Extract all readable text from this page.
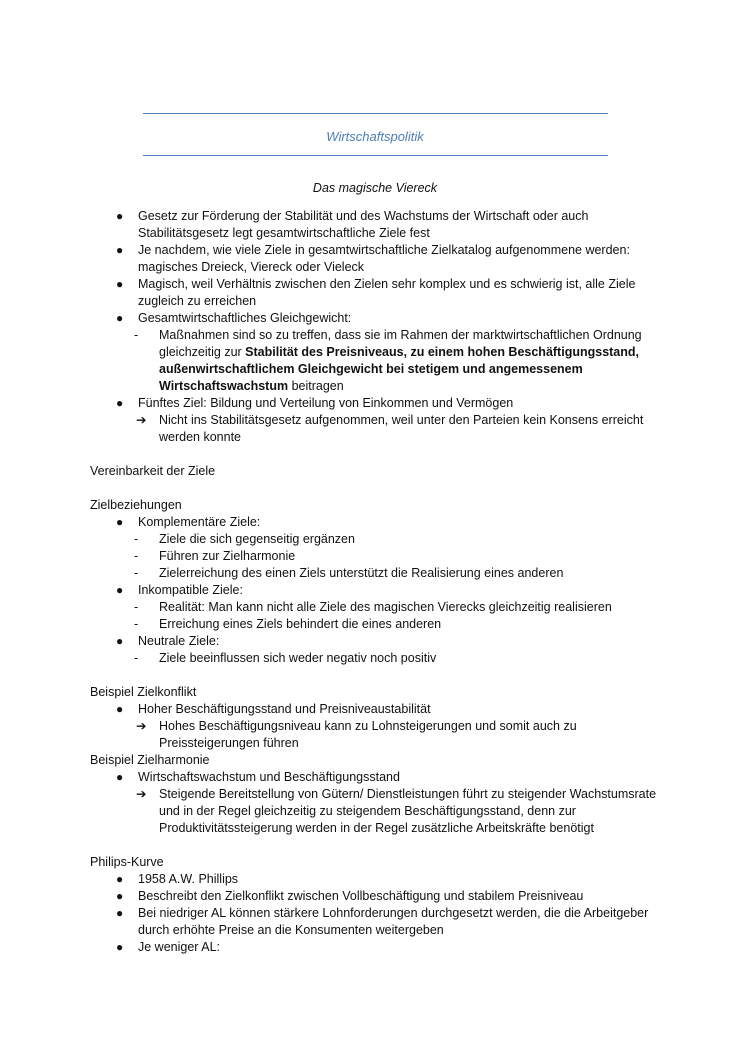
Wirtschaftspolitik
Das magische Viereck
● Gesetz zur Förderung der Stabilität und des Wachstums der Wirtschaft oder auch Stabilitätsgesetz legt gesamtwirtschaftliche Ziele fest
● Je nachdem, wie viele Ziele in gesamtwirtschaftliche Zielkatalog aufgenommene werden: magisches Dreieck, Viereck oder Vieleck
● Magisch, weil Verhältnis zwischen den Zielen sehr komplex und es schwierig ist, alle Ziele zugleich zu erreichen
● Gesamtwirtschaftliches Gleichgewicht:
- Maßnahmen sind so zu treffen, dass sie im Rahmen der marktwirtschaftlichen Ordnung gleichzeitig zur Stabilität des Preisniveaus, zu einem hohen Beschäftigungsstand, außenwirtschaftlichem Gleichgewicht bei stetigem und angemessenem Wirtschaftswachstum beitragen
● Fünftes Ziel: Bildung und Verteilung von Einkommen und Vermögen
➔ Nicht ins Stabilitätsgesetz aufgenommen, weil unter den Parteien kein Konsens erreicht werden konnte

Vereinbarkeit der Ziele

Zielbeziehungen

● Komplementäre Ziele:
- Ziele die sich gegenseitig ergänzen
- Führen zur Zielharmonie
- Zielerreichung des einen Ziels unterstützt die Realisierung eines anderen
● Inkompatible Ziele:
- Realität: Man kann nicht alle Ziele des magischen Vierecks gleichzeitig realisieren
- Erreichung eines Ziels behindert die eines anderen
● Neutrale Ziele:
- Ziele beeinflussen sich weder negativ noch positiv

Beispiel Zielkonflikt

● Hoher Beschäftigungsstand und Preisniveaustabilität
➔ Hohes Beschäftigungsniveau kann zu Lohnsteigerungen und somit auch zu Preissteigerungen führen

Beispiel Zielharmonie

● Wirtschaftswachstum und Beschäftigungsstand
➔ Steigende Bereitstellung von Gütern/ Dienstleistungen führt zu steigender Wachstumsrate und in der Regel gleichzeitig zu steigendem Beschäftigungsstand, denn zur Produktivitätssteigerung werden in der Regel zusätzliche Arbeitskräfte benötigt

Philips-Kurve

● 1958 A.W. Phillips
● Beschreibt den Zielkonflikt zwischen Vollbeschäftigung und stabilem Preisniveau
● Bei niedriger AL können stärkere Lohnforderungen durchgesetzt werden, die die Arbeitgeber durch erhöhte Preise an die Konsumenten weitergeben
● Je weniger AL:
